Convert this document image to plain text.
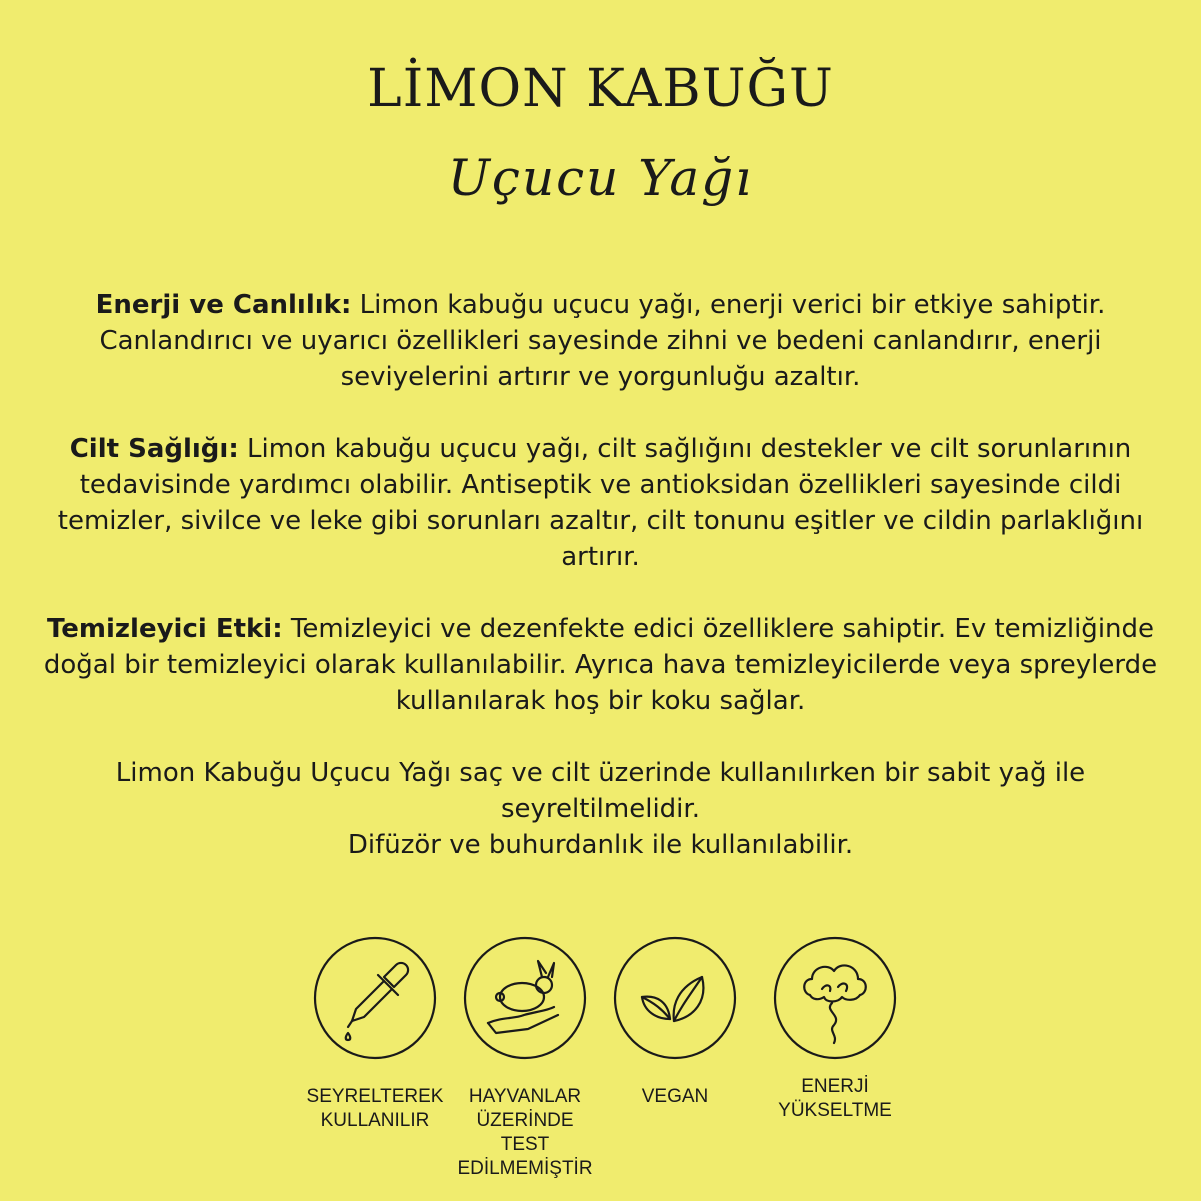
LİMON KABUĞU
Uçucu Yağı

Enerji ve Canlılık: Limon kabuğu uçucu yağı, enerji verici bir etkiye sahiptir. Canlandırıcı ve uyarıcı özellikleri sayesinde zihni ve bedeni canlandırır, enerji seviyelerini artırır ve yorgunluğu azaltır.

Cilt Sağlığı: Limon kabuğu uçucu yağı, cilt sağlığını destekler ve cilt sorunlarının tedavisinde yardımcı olabilir. Antiseptik ve antioksidan özellikleri sayesinde cildi temizler, sivilce ve leke gibi sorunları azaltır, cilt tonunu eşitler ve cildin parlaklığını artırır.

Temizleyici Etki: Temizleyici ve dezenfekte edici özelliklere sahiptir. Ev temizliğinde doğal bir temizleyici olarak kullanılabilir. Ayrıca hava temizleyicilerde veya spreylerde kullanılarak hoş bir koku sağlar.

Limon Kabuğu Uçucu Yağı saç ve cilt üzerinde kullanılırken bir sabit yağ ile seyreltilmelidir.
Difüzör ve buhurdanlık ile kullanılabilir.

SEYRELTEREK
KULLANILIR
HAYVANLAR
ÜZERİNDE TEST
EDİLMEMİŞTİR
VEGAN	ENERJİ
YÜKSELTME
